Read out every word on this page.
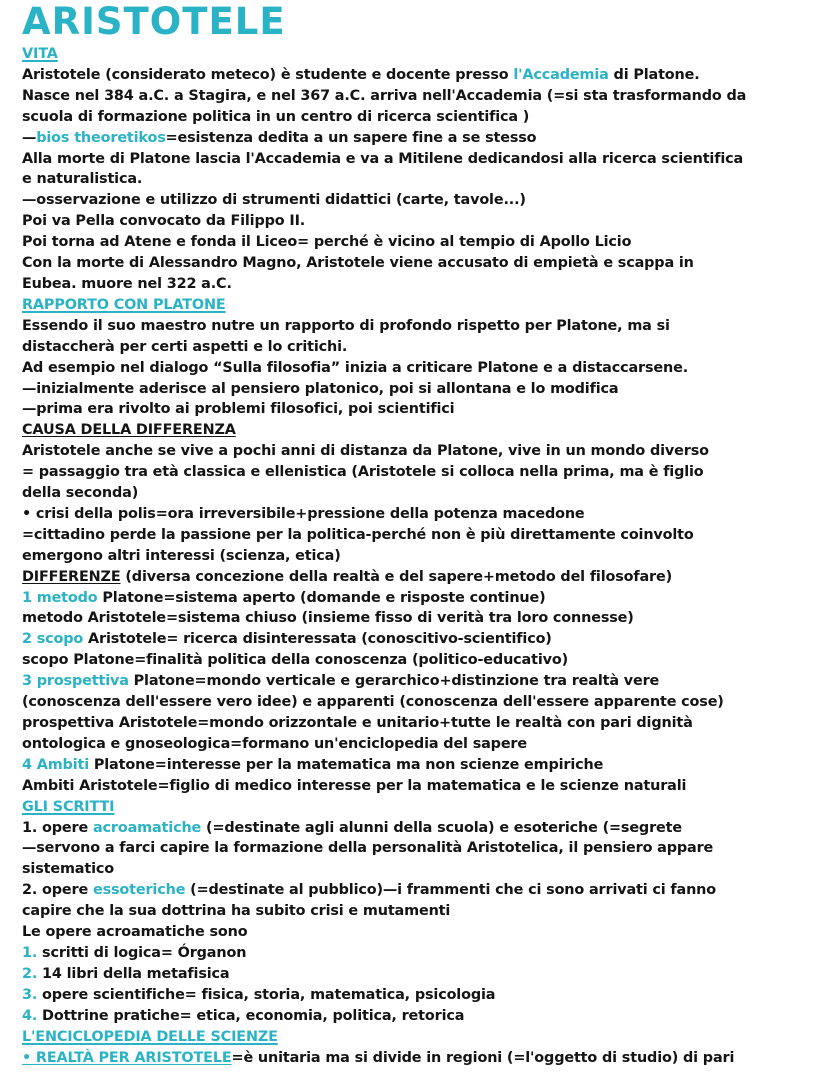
ARISTOTELE
VITA
Aristotele (considerato meteco) è studente e docente presso l'Accademia di Platone.
Nasce nel 384 a.C. a Stagira, e nel 367 a.C. arriva nell'Accademia (=si sta trasformando da
scuola di formazione politica in un centro di ricerca scientifica )
—bios theoretikos=esistenza dedita a un sapere fine a se stesso
Alla morte di Platone lascia l'Accademia e va a Mitilene dedicandosi alla ricerca scientifica
e naturalistica.
—osservazione e utilizzo di strumenti didattici (carte, tavole...)
Poi va Pella convocato da Filippo II.
Poi torna ad Atene e fonda il Liceo= perché è vicino al tempio di Apollo Licio
Con la morte di Alessandro Magno, Aristotele viene accusato di empietà e scappa in
Eubea. muore nel 322 a.C.
RAPPORTO CON PLATONE
Essendo il suo maestro nutre un rapporto di profondo rispetto per Platone, ma si
distaccherà per certi aspetti e lo critichi.
Ad esempio nel dialogo “Sulla filosofia” inizia a criticare Platone e a distaccarsene.
—inizialmente aderisce al pensiero platonico, poi si allontana e lo modifica
—prima era rivolto ai problemi filosofici, poi scientifici
CAUSA DELLA DIFFERENZA
Aristotele anche se vive a pochi anni di distanza da Platone, vive in un mondo diverso
= passaggio tra età classica e ellenistica (Aristotele si colloca nella prima, ma è figlio
della seconda)
• crisi della polis=ora irreversibile+pressione della potenza macedone
=cittadino perde la passione per la politica-perché non è più direttamente coinvolto
emergono altri interessi (scienza, etica)
DIFFERENZE (diversa concezione della realtà e del sapere+metodo del filosofare)
1 metodo Platone=sistema aperto (domande e risposte continue)
metodo Aristotele=sistema chiuso (insieme fisso di verità tra loro connesse)
2 scopo Aristotele= ricerca disinteressata (conoscitivo-scientifico)
scopo Platone=finalità politica della conoscenza (politico-educativo)
3 prospettiva Platone=mondo verticale e gerarchico+distinzione tra realtà vere
(conoscenza dell'essere vero idee) e apparenti (conoscenza dell'essere apparente cose)
prospettiva Aristotele=mondo orizzontale e unitario+tutte le realtà con pari dignità
ontologica e gnoseologica=formano un'enciclopedia del sapere
4 Ambiti Platone=interesse per la matematica ma non scienze empiriche
Ambiti Aristotele=figlio di medico interesse per la matematica e le scienze naturali
GLI SCRITTI
1. opere acroamatiche (=destinate agli alunni della scuola) e esoteriche (=segrete
—servono a farci capire la formazione della personalità Aristotelica, il pensiero appare
sistematico
2. opere essoteriche (=destinate al pubblico)—i frammenti che ci sono arrivati ci fanno
capire che la sua dottrina ha subito crisi e mutamenti
Le opere acroamatiche sono
1. scritti di logica= Órganon
2. 14 libri della metafisica
3. opere scientifiche= fisica, storia, matematica, psicologia
4. Dottrine pratiche= etica, economia, politica, retorica
L'ENCICLOPEDIA DELLE SCIENZE
• REALTÀ PER ARISTOTELE=è unitaria ma si divide in regioni (=l'oggetto di studio) di pari
